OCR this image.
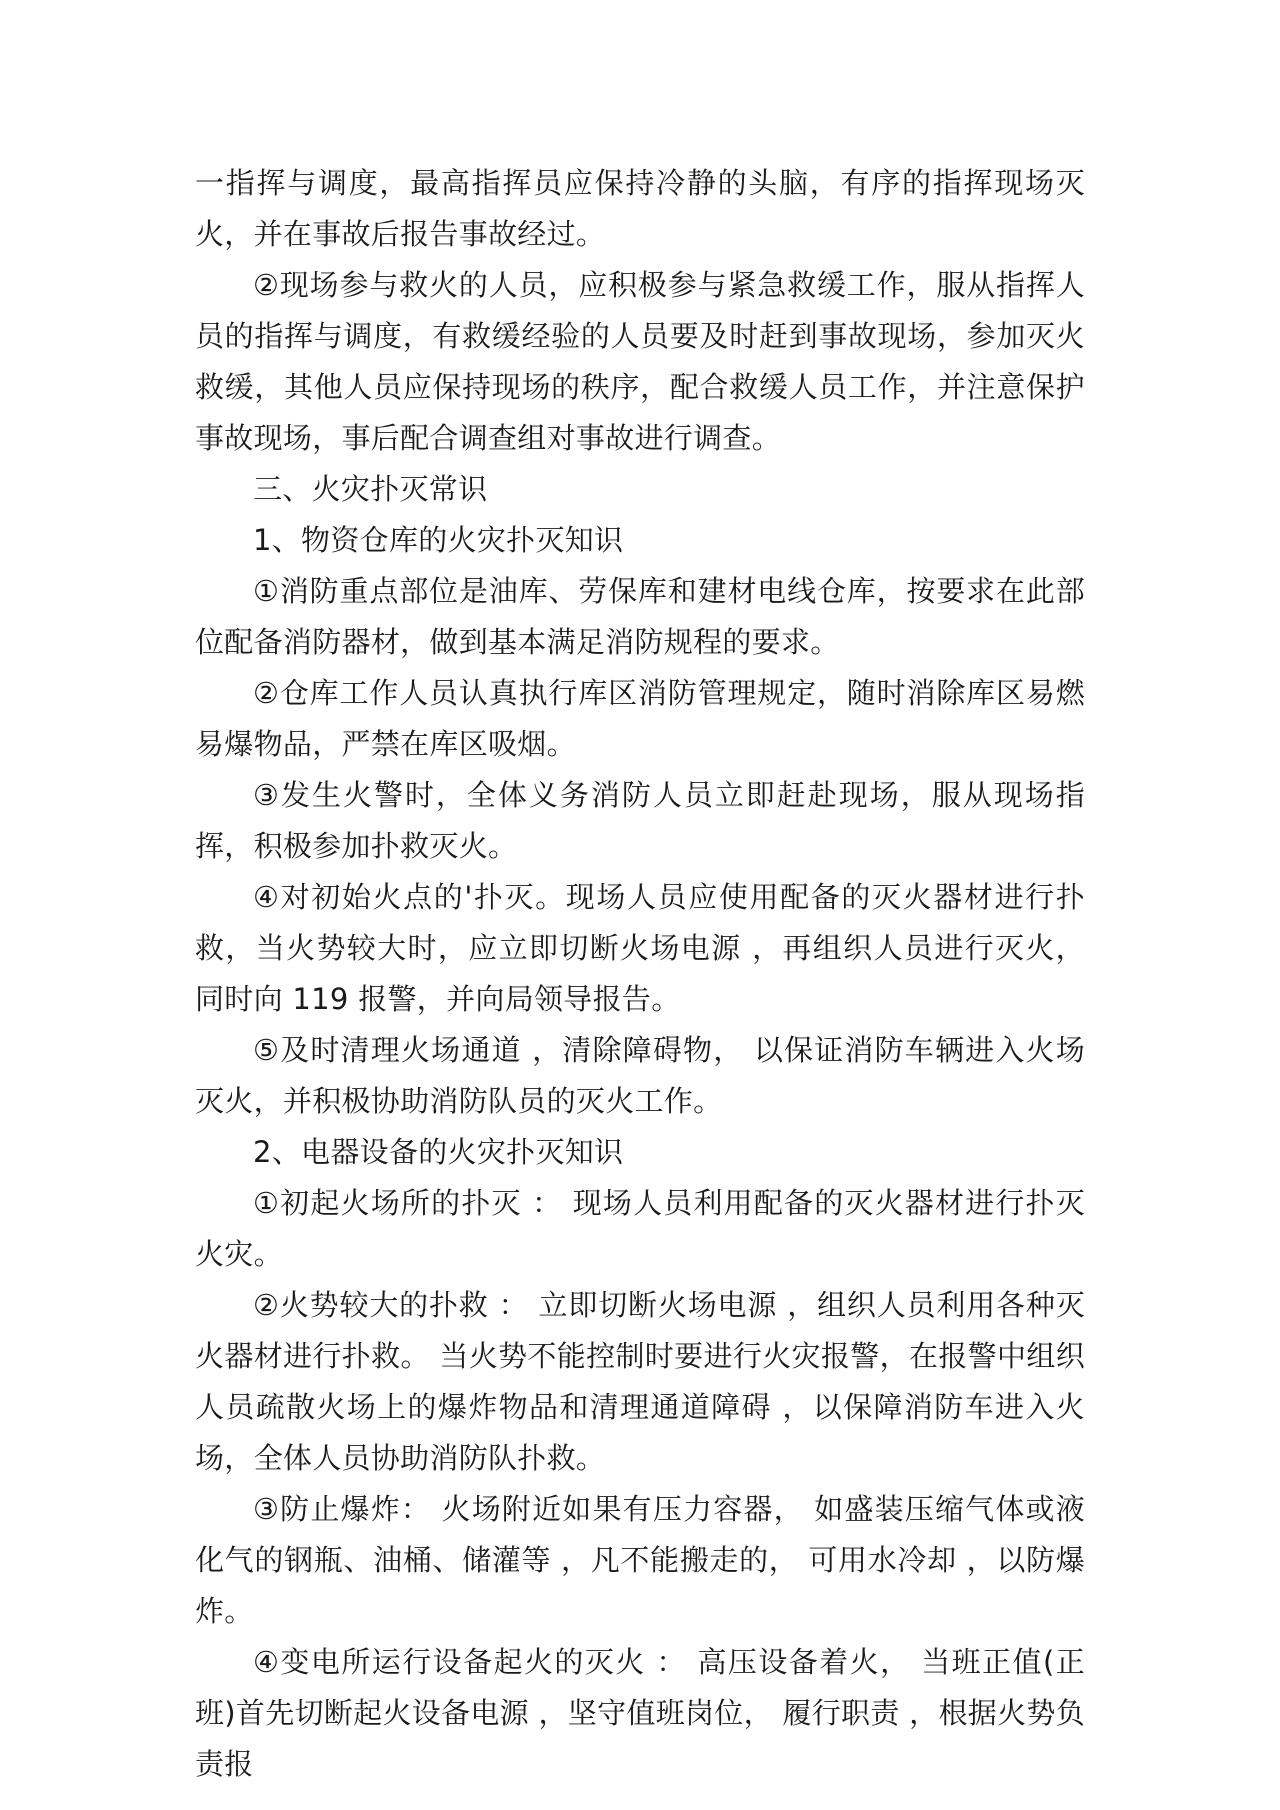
一指挥与调度，最高指挥员应保持冷静的头脑，有序的指挥现场灭火，并在事故后报告事故经过。

②现场参与救火的人员，应积极参与紧急救缓工作，服从指挥人员的指挥与调度，有救缓经验的人员要及时赶到事故现场，参加灭火救缓，其他人员应保持现场的秩序，配合救缓人员工作，并注意保护事故现场，事后配合调查组对事故进行调查。

三、火灾扑灭常识

1、物资仓库的火灾扑灭知识

①消防重点部位是油库、劳保库和建材电线仓库，按要求在此部位配备消防器材，做到基本满足消防规程的要求。

②仓库工作人员认真执行库区消防管理规定，随时消除库区易燃易爆物品，严禁在库区吸烟。

③发生火警时，全体义务消防人员立即赶赴现场，服从现场指挥，积极参加扑救灭火。

④对初始火点的'扑灭。现场人员应使用配备的灭火器材进行扑救，当火势较大时，应立即切断火场电源 ，再组织人员进行灭火， 同时向 119 报警，并向局领导报告。

⑤及时清理火场通道 ，清除障碍物， 以保证消防车辆进入火场灭火，并积极协助消防队员的灭火工作。

2、电器设备的火灾扑灭知识

①初起火场所的扑灭 ： 现场人员利用配备的灭火器材进行扑灭火灾。

②火势较大的扑救 ： 立即切断火场电源 ，组织人员利用各种灭火器材进行扑救。 当火势不能控制时要进行火灾报警，在报警中组织人员疏散火场上的爆炸物品和清理通道障碍 ，以保障消防车进入火场，全体人员协助消防队扑救。

③防止爆炸： 火场附近如果有压力容器， 如盛装压缩气体或液化气的钢瓶、油桶、储灌等 ，凡不能搬走的， 可用水冷却 ，以防爆炸。

④变电所运行设备起火的灭火 ： 高压设备着火， 当班正值(正班)首先切断起火设备电源 ，坚守值班岗位， 履行职责 ，根据火势负责报
